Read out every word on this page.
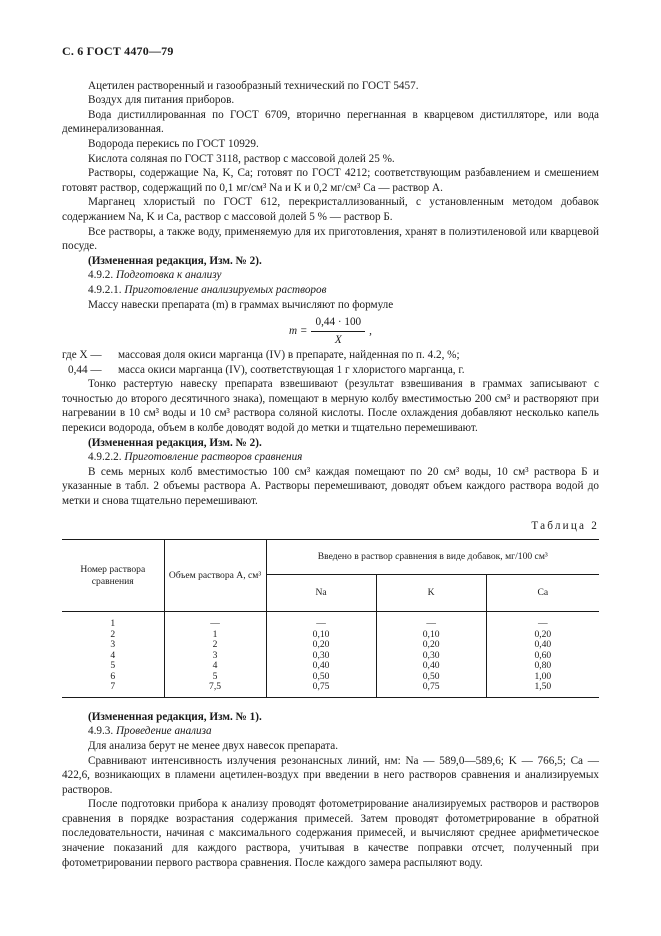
С. 6 ГОСТ 4470—79

Ацетилен растворенный и газообразный технический по ГОСТ 5457.

Воздух для питания приборов.

Вода дистиллированная по ГОСТ 6709, вторично перегнанная в кварцевом дистилляторе, или вода деминерализованная.

Водорода перекись по ГОСТ 10929.

Кислота соляная по ГОСТ 3118, раствор с массовой долей 25 %.

Растворы, содержащие Na, K, Ca; готовят по ГОСТ 4212; соответствующим разбавлением и смешением готовят раствор, содержащий по 0,1 мг/см³ Na и K и 0,2 мг/см³ Ca — раствор А.

Марганец хлористый по ГОСТ 612, перекристаллизованный, с установленным методом добавок содержанием Na, K и Ca, раствор с массовой долей 5 % — раствор Б.

Все растворы, а также воду, применяемую для их приготовления, хранят в полиэтиленовой или кварцевой посуде.

(Измененная редакция, Изм. № 2).

4.9.2. Подготовка к анализу

4.9.2.1. Приготовление анализируемых растворов

Массу навески препарата (m) в граммах вычисляют по формуле

$m = \frac{0,44 \cdot 100}{X}$ ,
где X —	массовая доля окиси марганца (IV) в препарате, найденная по п. 4.2, %;
0,44 —	масса окиси марганца (IV), соответствующая 1 г хлористого марганца, г.

Тонко растертую навеску препарата взвешивают (результат взвешивания в граммах записывают с точностью до второго десятичного знака), помещают в мерную колбу вместимостью 200 см³ и растворяют при нагревании в 10 см³ воды и 10 см³ раствора соляной кислоты. После охлаждения добавляют несколько капель перекиси водорода, объем в колбе доводят водой до метки и тщательно перемешивают.

(Измененная редакция, Изм. № 2).

4.9.2.2. Приготовление растворов сравнения

В семь мерных колб вместимостью 100 см³ каждая помещают по 20 см³ воды, 10 см³ раствора Б и указанные в табл. 2 объемы раствора А. Растворы перемешивают, доводят объем каждого раствора водой до метки и снова тщательно перемешивают.

Таблица 2
Номер раствора сравнения	Объем раствора А, см³	Введено в раствор сравнения в виде добавок, мг/100 см³		
		Na	K	Ca
1	—	—	—	—
2	1	0,10	0,10	0,20
3	2	0,20	0,20	0,40
4	3	0,30	0,30	0,60
5	4	0,40	0,40	0,80
6	5	0,50	0,50	1,00
7	7,5	0,75	0,75	1,50

(Измененная редакция, Изм. № 1).

4.9.3. Проведение анализа

Для анализа берут не менее двух навесок препарата.

Сравнивают интенсивность излучения резонансных линий, нм: Na — 589,0—589,6; K — 766,5; Ca — 422,6, возникающих в пламени ацетилен-воздух при введении в него растворов сравнения и анализируемых растворов.

После подготовки прибора к анализу проводят фотометрирование анализируемых растворов и растворов сравнения в порядке возрастания содержания примесей. Затем проводят фотометрирование в обратной последовательности, начиная с максимального содержания примесей, и вычисляют среднее арифметическое значение показаний для каждого раствора, учитывая в качестве поправки отсчет, полученный при фотометрировании первого раствора сравнения. После каждого замера распыляют воду.
